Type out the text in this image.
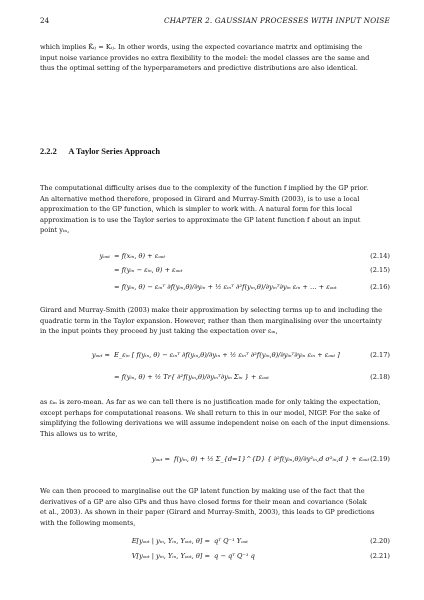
24	CHAPTER 2. GAUSSIAN PROCESSES WITH INPUT NOISE
which implies K̂ᵢⱼ = Kᵢⱼ. In other words, using the expected covariance matrix and optimising the
input noise variance provides no extra flexibility to the model: the model classes are the same and
thus the optimal setting of the hyperparameters and predictive distributions are also identical.
2.2.2 A Taylor Series Approach
The computational difficulty arises due to the complexity of the function f implied by the GP prior.
An alternative method therefore, proposed in Girard and Murray-Smith (2003), is to use a local
approximation to the GP function, which is simpler to work with. A natural form for this local
approximation is to use the Taylor series to approximate the GP latent function f about an input
point yᵢₙ,
yₒᵤₜ = f(xᵢₙ, θ) + εₒᵤₜ	(2.14)
= f(yᵢₙ − εᵢₙ, θ) + εₒᵤₜ	(2.15)
= f(yᵢₙ, θ) − εᵢₙᵀ ∂f(yᵢₙ,θ)/∂yᵢₙ + ½ εᵢₙᵀ ∂²f(yᵢₙ,θ)/∂yᵢₙᵀ∂yᵢₙ εᵢₙ + … + εₒᵤₜ	(2.16)
Girard and Murray-Smith (2003) make their approximation by selecting terms up to and including the
quadratic term in the Taylor expansion. However, rather than then marginalising over the uncertainty
in the input points they proceed by just taking the expectation over εᵢₙ,
yₒᵤₜ ≈ E_εᵢₙ [ f(yᵢₙ, θ) − εᵢₙᵀ ∂f(yᵢₙ,θ)/∂yᵢₙ + ½ εᵢₙᵀ ∂²f(yᵢₙ,θ)/∂yᵢₙᵀ∂yᵢₙ εᵢₙ + εₒᵤₜ ]	(2.17)
= f(yᵢₙ, θ) + ½ Tr{ ∂²f(yᵢₙ,θ)/∂yᵢₙᵀ∂yᵢₙ Σᵢₙ } + εₒᵤₜ	(2.18)
as εᵢₙ is zero-mean. As far as we can tell there is no justification made for only taking the expectation,
except perhaps for computational reasons. We shall return to this in our model, NIGP. For the sake of
simplifying the following derivations we will assume independent noise on each of the input dimensions.
This allows us to write,
yₒᵤₜ = f(yᵢₙ, θ) + ½ Σ_{d=1}^{D} { ∂²f(yᵢₙ,θ)/∂y²ᵢₙ,d σ²ᵢₙ,d } + εₒᵤₜ (2.19)
We can then proceed to marginalise out the GP latent function by making use of the fact that the
derivatives of a GP are also GPs and thus have closed forms for their mean and covariance (Solak
et al., 2003). As shown in their paper (Girard and Murray-Smith, 2003), this leads to GP predictions
with the following moments,
E[yₒᵤₜ | yᵢₙ, Yᵢₙ, Yₒᵤₜ, θ] = qᵀ Q⁻¹ Yₒᵤₜ	(2.20)
V[yₒᵤₜ | yᵢₙ, Yᵢₙ, Yₒᵤₜ, θ] = q − qᵀ Q⁻¹ q	(2.21)
